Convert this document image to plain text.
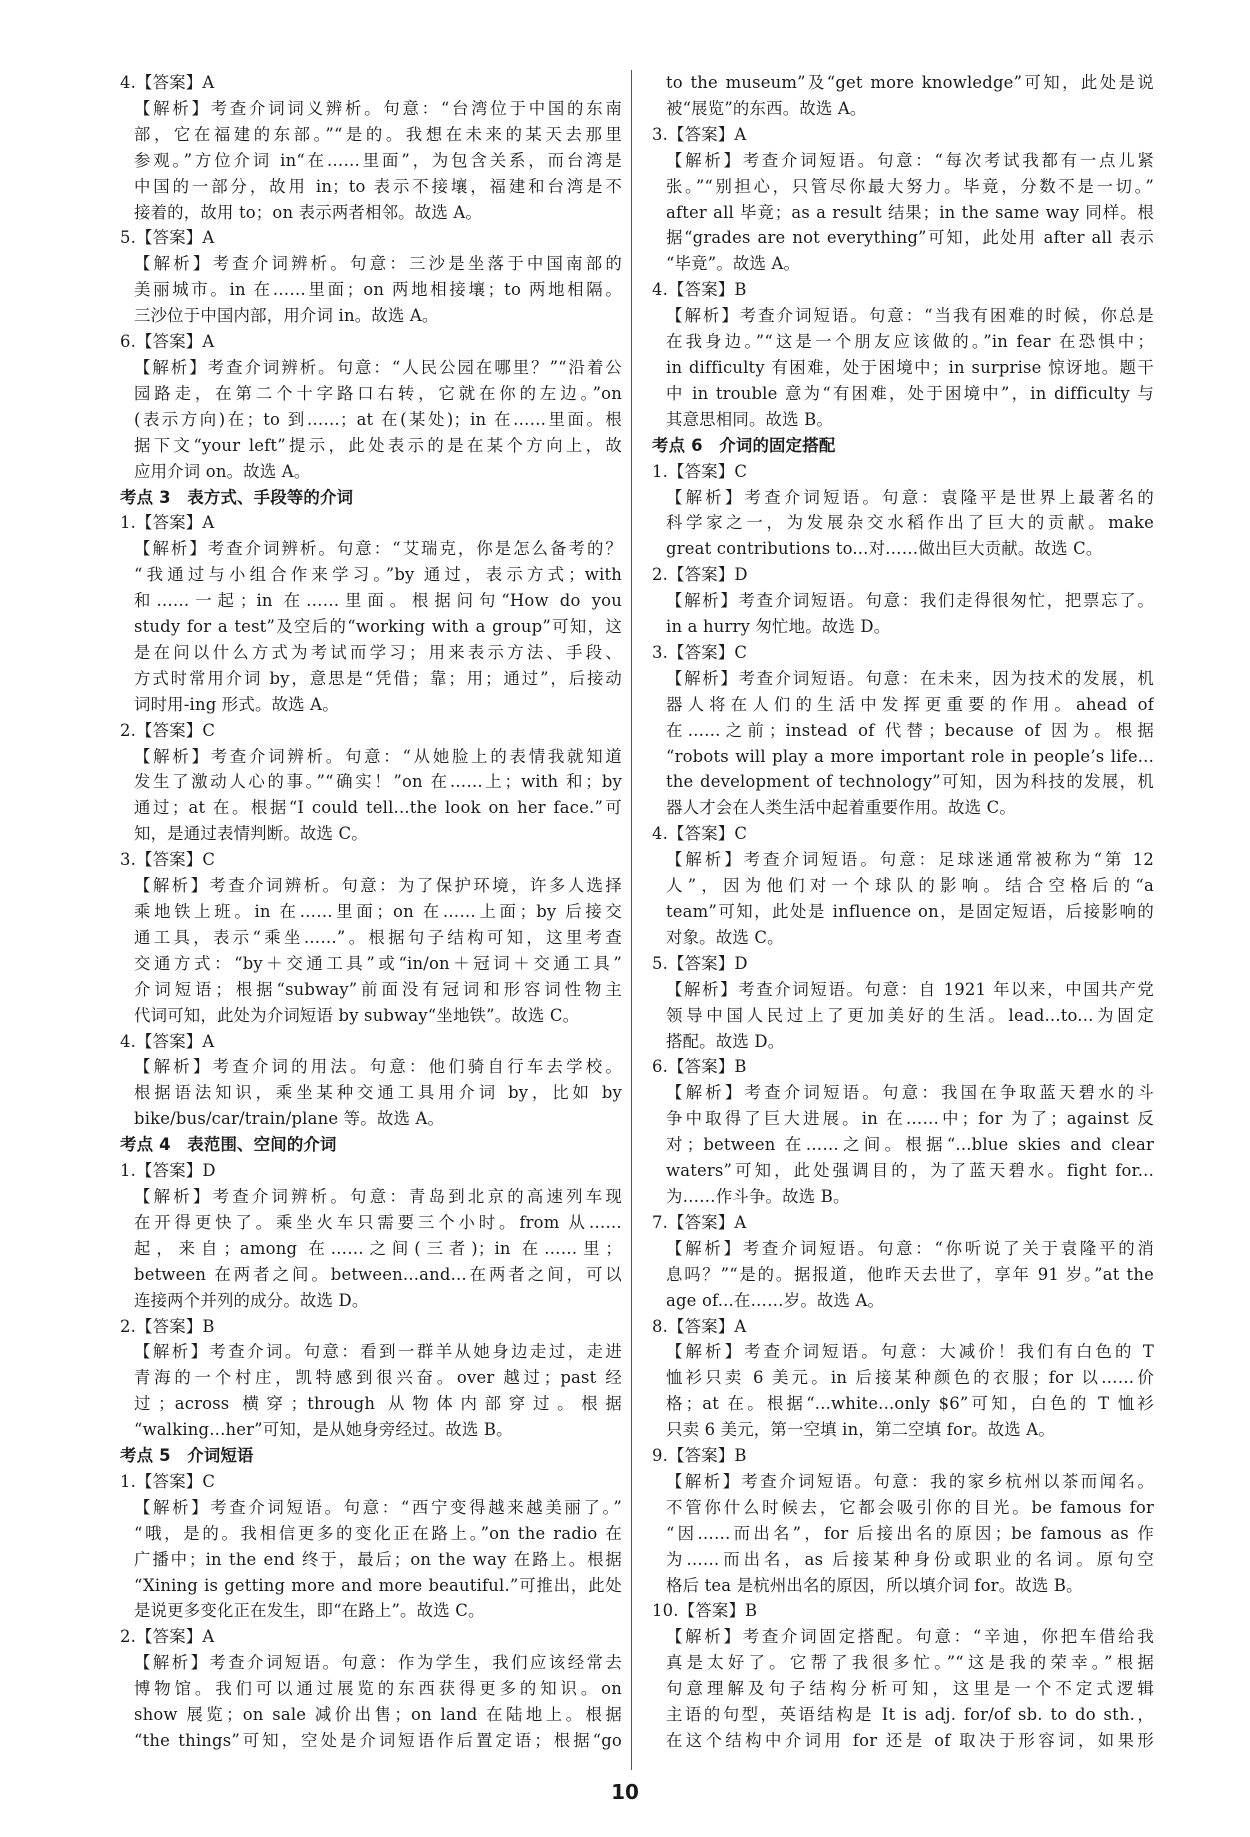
4.【答案】A
【解析】考查介词词义辨析。句意：“台湾位于中国的东南
部，它在福建的东部。”“是的。我想在未来的某天去那里
参观。”方位介词 in“在……里面”，为包含关系，而台湾是
中国的一部分，故用 in；to 表示不接壤，福建和台湾是不
接着的，故用 to；on 表示两者相邻。故选 A。
5.【答案】A
【解析】考查介词辨析。句意：三沙是坐落于中国南部的
美丽城市。in 在……里面；on 两地相接壤；to 两地相隔。
三沙位于中国内部，用介词 in。故选 A。
6.【答案】A
【解析】考查介词辨析。句意：“人民公园在哪里？”“沿着公
园路走，在第二个十字路口右转，它就在你的左边。”on
(表示方向)在；to 到……；at 在(某处)；in 在……里面。根
据下文“your left”提示，此处表示的是在某个方向上，故
应用介词 on。故选 A。
考点 3　表方式、手段等的介词
1.【答案】A
【解析】考查介词辨析。句意：“艾瑞克，你是怎么备考的？
“我通过与小组合作来学习。”by 通过，表示方式；with
和……一起；in 在……里面。根据问句“How do you
study for a test”及空后的“working with a group”可知，这
是在问以什么方式为考试而学习；用来表示方法、手段、
方式时常用介词 by，意思是“凭借；靠；用；通过”，后接动
词时用-ing 形式。故选 A。
2.【答案】C
【解析】考查介词辨析。句意：“从她脸上的表情我就知道
发生了激动人心的事。”“确实！”on 在……上；with 和；by
通过；at 在。根据“I could tell...the look on her face.”可
知，是通过表情判断。故选 C。
3.【答案】C
【解析】考查介词辨析。句意：为了保护环境，许多人选择
乘地铁上班。in 在……里面；on 在……上面；by 后接交
通工具，表示“乘坐……”。根据句子结构可知，这里考查
交通方式：“by＋交通工具”或“in/on＋冠词＋交通工具”
介词短语；根据“subway”前面没有冠词和形容词性物主
代词可知，此处为介词短语 by subway“坐地铁”。故选 C。
4.【答案】A
【解析】考查介词的用法。句意：他们骑自行车去学校。
根据语法知识，乘坐某种交通工具用介词 by，比如 by
bike/bus/car/train/plane 等。故选 A。
考点 4　表范围、空间的介词
1.【答案】D
【解析】考查介词辨析。句意：青岛到北京的高速列车现
在开得更快了。乘坐火车只需要三个小时。from 从……
起，来自；among 在……之间(三者)；in 在……里；
between 在两者之间。between...and...在两者之间，可以
连接两个并列的成分。故选 D。
2.【答案】B
【解析】考查介词。句意：看到一群羊从她身边走过，走进
青海的一个村庄，凯特感到很兴奋。over 越过；past 经
过；across 横穿；through 从物体内部穿过。根据
“walking...her”可知，是从她身旁经过。故选 B。
考点 5　介词短语
1.【答案】C
【解析】考查介词短语。句意：“西宁变得越来越美丽了。”
“哦，是的。我相信更多的变化正在路上。”on the radio 在
广播中；in the end 终于，最后；on the way 在路上。根据
“Xining is getting more and more beautiful.”可推出，此处
是说更多变化正在发生，即“在路上”。故选 C。
2.【答案】A
【解析】考查介词短语。句意：作为学生，我们应该经常去
博物馆。我们可以通过展览的东西获得更多的知识。on
show 展览；on sale 减价出售；on land 在陆地上。根据
“the things”可知，空处是介词短语作后置定语；根据“go
to the museum”及“get more knowledge”可知，此处是说
被“展览”的东西。故选 A。
3.【答案】A
【解析】考查介词短语。句意：“每次考试我都有一点儿紧
张。”“别担心，只管尽你最大努力。毕竟，分数不是一切。”
after all 毕竟；as a result 结果；in the same way 同样。根
据“grades are not everything”可知，此处用 after all 表示
“毕竟”。故选 A。
4.【答案】B
【解析】考查介词短语。句意：“当我有困难的时候，你总是
在我身边。”“这是一个朋友应该做的。”in fear 在恐惧中；
in difficulty 有困难，处于困境中；in surprise 惊讶地。题干
中 in trouble 意为“有困难，处于困境中”，in difficulty 与
其意思相同。故选 B。
考点 6　介词的固定搭配
1.【答案】C
【解析】考查介词短语。句意：袁隆平是世界上最著名的
科学家之一，为发展杂交水稻作出了巨大的贡献。make
great contributions to...对……做出巨大贡献。故选 C。
2.【答案】D
【解析】考查介词短语。句意：我们走得很匆忙，把票忘了。
in a hurry 匆忙地。故选 D。
3.【答案】C
【解析】考查介词短语。句意：在未来，因为技术的发展，机
器人将在人们的生活中发挥更重要的作用。ahead of
在……之前；instead of 代替；because of 因为。根据
“robots will play a more important role in people’s life...
the development of technology”可知，因为科技的发展，机
器人才会在人类生活中起着重要作用。故选 C。
4.【答案】C
【解析】考查介词短语。句意：足球迷通常被称为“第 12
人”，因为他们对一个球队的影响。结合空格后的“a
team”可知，此处是 influence on，是固定短语，后接影响的
对象。故选 C。
5.【答案】D
【解析】考查介词短语。句意：自 1921 年以来，中国共产党
领导中国人民过上了更加美好的生活。lead...to...为固定
搭配。故选 D。
6.【答案】B
【解析】考查介词短语。句意：我国在争取蓝天碧水的斗
争中取得了巨大进展。in 在……中；for 为了；against 反
对；between 在……之间。根据“...blue skies and clear
waters”可知，此处强调目的，为了蓝天碧水。fight for...
为……作斗争。故选 B。
7.【答案】A
【解析】考查介词短语。句意：“你听说了关于袁隆平的消
息吗？”“是的。据报道，他昨天去世了，享年 91 岁。”at the
age of...在……岁。故选 A。
8.【答案】A
【解析】考查介词短语。句意：大减价！我们有白色的 T
恤衫只卖 6 美元。in 后接某种颜色的衣服；for 以……价
格；at 在。根据“...white...only $6”可知，白色的 T 恤衫
只卖 6 美元，第一空填 in，第二空填 for。故选 A。
9.【答案】B
【解析】考查介词短语。句意：我的家乡杭州以茶而闻名。
不管你什么时候去，它都会吸引你的目光。be famous for
“因……而出名”，for 后接出名的原因；be famous as 作
为……而出名，as 后接某种身份或职业的名词。原句空
格后 tea 是杭州出名的原因，所以填介词 for。故选 B。
10.【答案】B
【解析】考查介词固定搭配。句意：“辛迪，你把车借给我
真是太好了。它帮了我很多忙。”“这是我的荣幸。”根据
句意理解及句子结构分析可知，这里是一个不定式逻辑
主语的句型，英语结构是 It is adj. for/of sb. to do sth.，
在这个结构中介词用 for 还是 of 取决于形容词，如果形
10
